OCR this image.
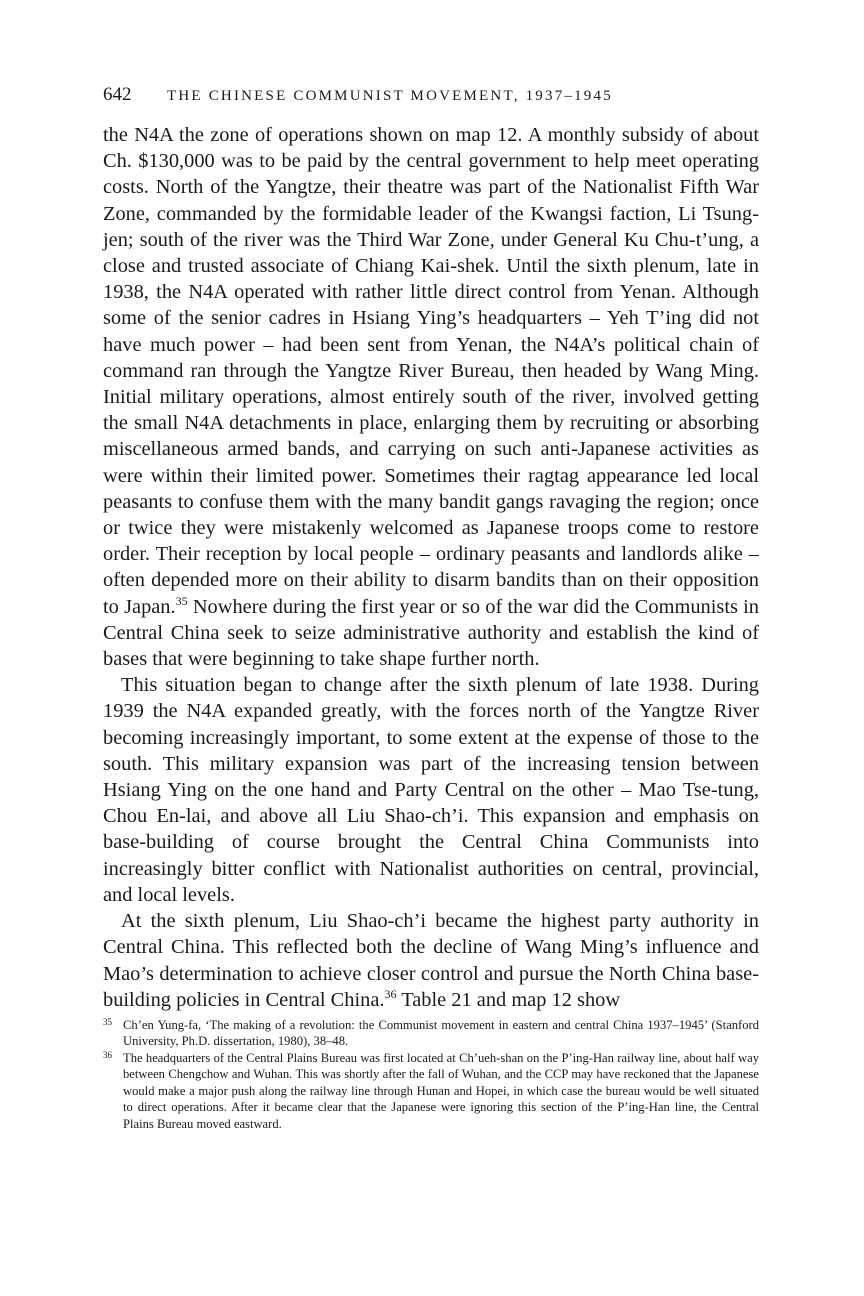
642	THE CHINESE COMMUNIST MOVEMENT, 1937–1945

the N4A the zone of operations shown on map 12. A monthly subsidy of about Ch. $130,000 was to be paid by the central government to help meet operating costs. North of the Yangtze, their theatre was part of the Nationalist Fifth War Zone, commanded by the formidable leader of the Kwangsi faction, Li Tsung-jen; south of the river was the Third War Zone, under General Ku Chu-t’ung, a close and trusted associate of Chiang Kai-shek. Until the sixth plenum, late in 1938, the N4A operated with rather little direct control from Yenan. Although some of the senior cadres in Hsiang Ying’s headquarters – Yeh T’ing did not have much power – had been sent from Yenan, the N4A’s political chain of command ran through the Yangtze River Bureau, then headed by Wang Ming. Initial military operations, almost entirely south of the river, involved getting the small N4A detachments in place, enlarging them by recruiting or absorbing miscellaneous armed bands, and carrying on such anti-Japanese activities as were within their limited power. Sometimes their ragtag appearance led local peasants to confuse them with the many bandit gangs ravaging the region; once or twice they were mistakenly welcomed as Japanese troops come to restore order. Their reception by local people – ordinary peasants and landlords alike – often depended more on their ability to disarm bandits than on their opposition to Japan.$^{35}$ Nowhere during the first year or so of the war did the Communists in Central China seek to seize administrative authority and establish the kind of bases that were beginning to take shape further north.

This situation began to change after the sixth plenum of late 1938. During 1939 the N4A expanded greatly, with the forces north of the Yangtze River becoming increasingly important, to some extent at the expense of those to the south. This military expansion was part of the increasing tension between Hsiang Ying on the one hand and Party Central on the other – Mao Tse-tung, Chou En-lai, and above all Liu Shao-ch’i. This expansion and emphasis on base-building of course brought the Central China Communists into increasingly bitter conflict with Nationalist authorities on central, provincial, and local levels.

At the sixth plenum, Liu Shao-ch’i became the highest party authority in Central China. This reflected both the decline of Wang Ming’s influence and Mao’s determination to achieve closer control and pursue the North China base-building policies in Central China.$^{36}$ Table 21 and map 12 show

35 Ch’en Yung-fa, ‘The making of a revolution: the Communist movement in eastern and central China 1937–1945’ (Stanford University, Ph.D. dissertation, 1980), 38–48.
36 The headquarters of the Central Plains Bureau was first located at Ch’ueh-shan on the P’ing-Han railway line, about half way between Chengchow and Wuhan. This was shortly after the fall of Wuhan, and the CCP may have reckoned that the Japanese would make a major push along the railway line through Hunan and Hopei, in which case the bureau would be well situated to direct operations. After it became clear that the Japanese were ignoring this section of the P’ing-Han line, the Central Plains Bureau moved eastward.
